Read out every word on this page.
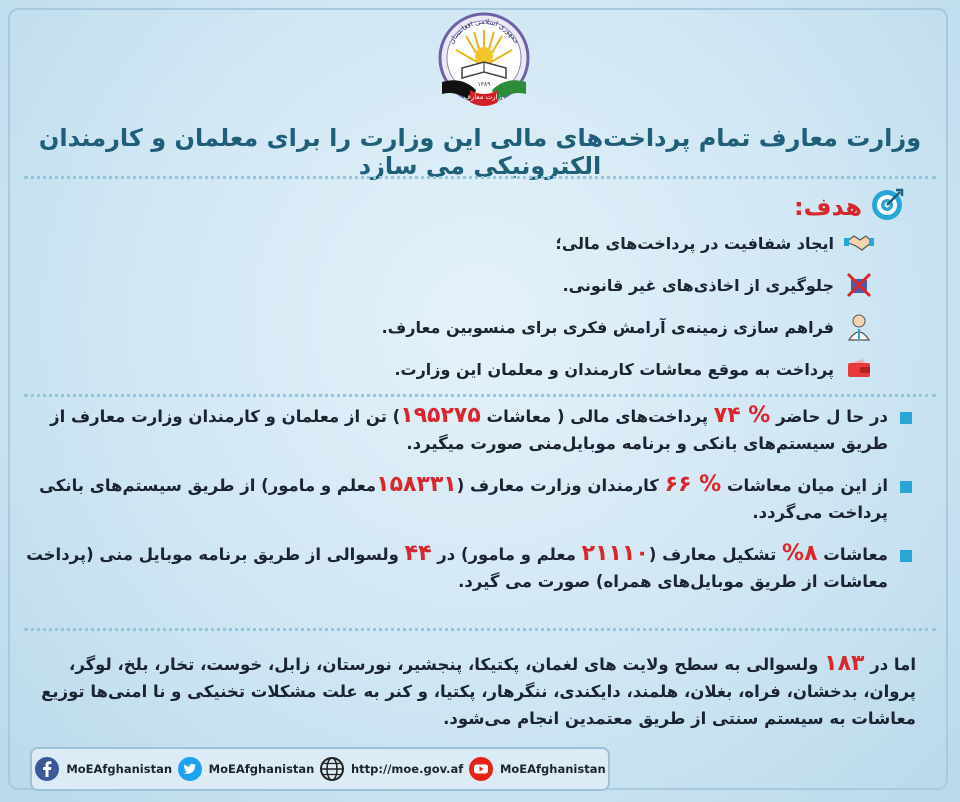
جمهوری اسلامی افغانستان
وزارت معارف
۱۳۸۹
وزارت معارف تمام پرداخت‌های مالی این وزارت را برای معلمان و کارمندان الکترونیکی می سازد
هدف:
ایجاد شفافیت در پرداخت‌های مالی؛
جلوگیری از اخاذی‌های غیر قانونی.
فراهم سازی زمینه‌ی آرامش فکری برای منسوبین معارف.
پرداخت به موقع معاشات کارمندان و معلمان این وزارت.
در حا ل حاضر % ۷۴ پرداخت‌های مالی ( معاشات ۱۹۵۲۷۵) تن از معلمان و کارمندان وزارت معارف از طریق سیستم‌های بانکی و برنامه موبایل‌منی صورت میگیرد.
از این میان معاشات % ۶۶ کارمندان وزارت معارف (۱۵۸۳۳۱معلم و مامور) از طریق سیستم‌های بانکی پرداخت می‌گردد.
معاشات ۸% تشکیل معارف (۲۱۱۱۰ معلم و مامور) در ۴۴ ولسوالی از طریق برنامه موبایل منی (پرداخت معاشات از طریق موبایل‌های همراه) صورت می گیرد.
اما در ۱۸۳ ولسوالی به سطح ولایت های لغمان، پکتیکا، پنجشیر، نورستان، زابل، خوست، تخار، بلخ، لوگر، پروان، بدخشان، فراه، بغلان، هلمند، دایکندی، ننگرهار، پکتیا، و کنر به علت مشکلات تخنیکی و نا امنی‌ها توزیع معاشات به سیستم سنتی از طریق معتمدین انجام می‌شود.
MoEAfghanistan	MoEAfghanistan	http://moe.gov.af	MoEAfghanistan
